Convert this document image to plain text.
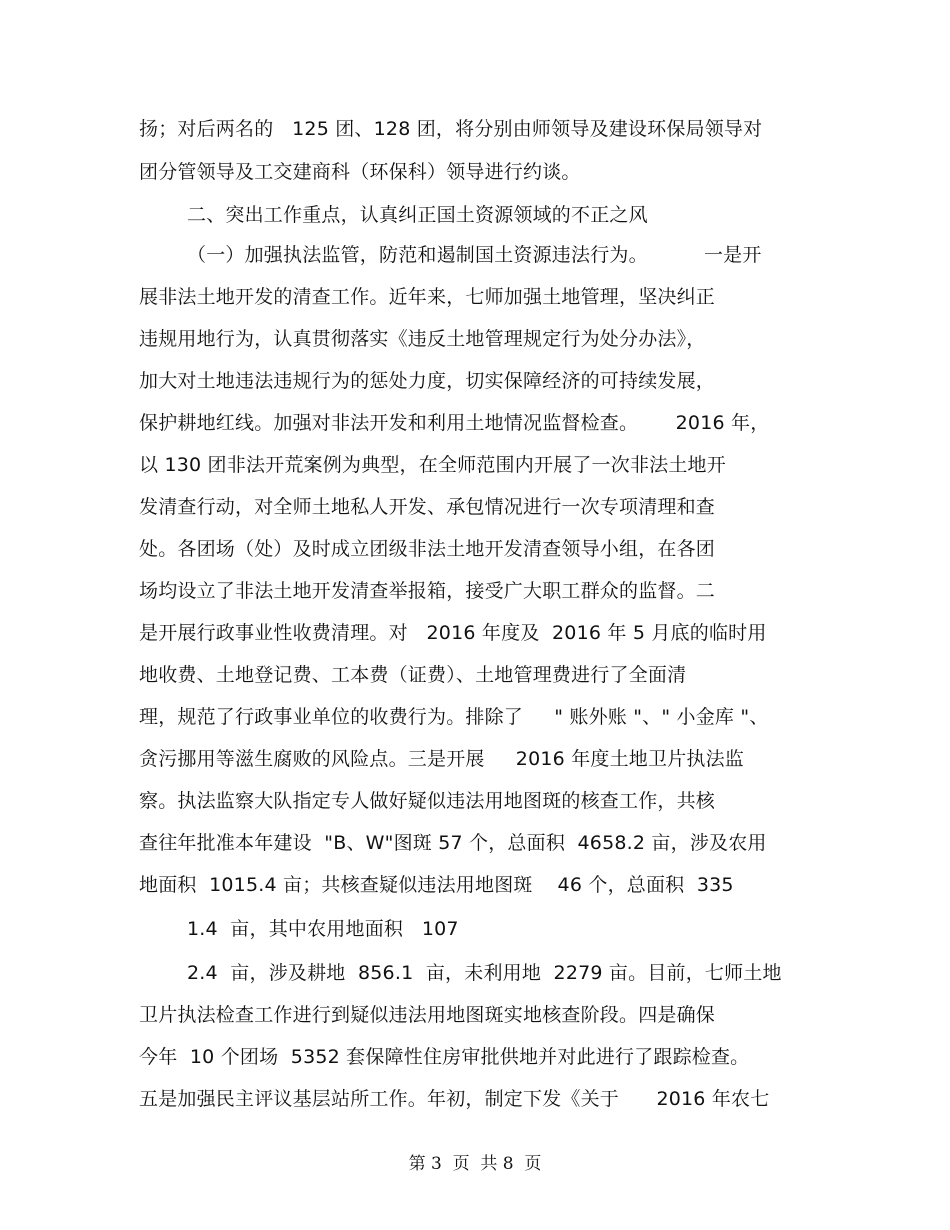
扬；对后两名的   125 团、128 团，将分别由师领导及建设环保局领导对
团分管领导及工交建商科（环保科）领导进行约谈。
二、突出工作重点，认真纠正国土资源领域的不正之风
（一）加强执法监管，防范和遏制国土资源违法行为。         一是开
展非法土地开发的清查工作。近年来，七师加强土地管理，坚决纠正
违规用地行为，认真贯彻落实《违反土地管理规定行为处分办法》，
加大对土地违法违规行为的惩处力度，切实保障经济的可持续发展，
保护耕地红线。加强对非法开发和利用土地情况监督检查。      2016 年，
以 130 团非法开荒案例为典型，在全师范围内开展了一次非法土地开
发清查行动，对全师土地私人开发、承包情况进行一次专项清理和查
处。各团场（处）及时成立团级非法土地开发清查领导小组，在各团
场均设立了非法土地开发清查举报箱，接受广大职工群众的监督。二
是开展行政事业性收费清理。对   2016 年度及  2016 年 5 月底的临时用
地收费、土地登记费、工本费（证费）、土地管理费进行了全面清
理，规范了行政事业单位的收费行为。排除了     " 账外账 "、" 小金库 "、
贪污挪用等滋生腐败的风险点。三是开展     2016 年度土地卫片执法监
察。执法监察大队指定专人做好疑似违法用地图斑的核查工作，共核
查往年批准本年建设  "B、W"图斑 57 个，总面积  4658.2 亩，涉及农用
地面积  1015.4 亩；共核查疑似违法用地图斑    46 个，总面积  335
1.4  亩，其中农用地面积   107
2.4  亩，涉及耕地  856.1  亩，未利用地  2279 亩。目前，七师土地
卫片执法检查工作进行到疑似违法用地图斑实地核查阶段。四是确保
今年  10 个团场  5352 套保障性住房审批供地并对此进行了跟踪检查。
五是加强民主评议基层站所工作。年初，制定下发《关于      2016 年农七
第 3  页  共 8  页
